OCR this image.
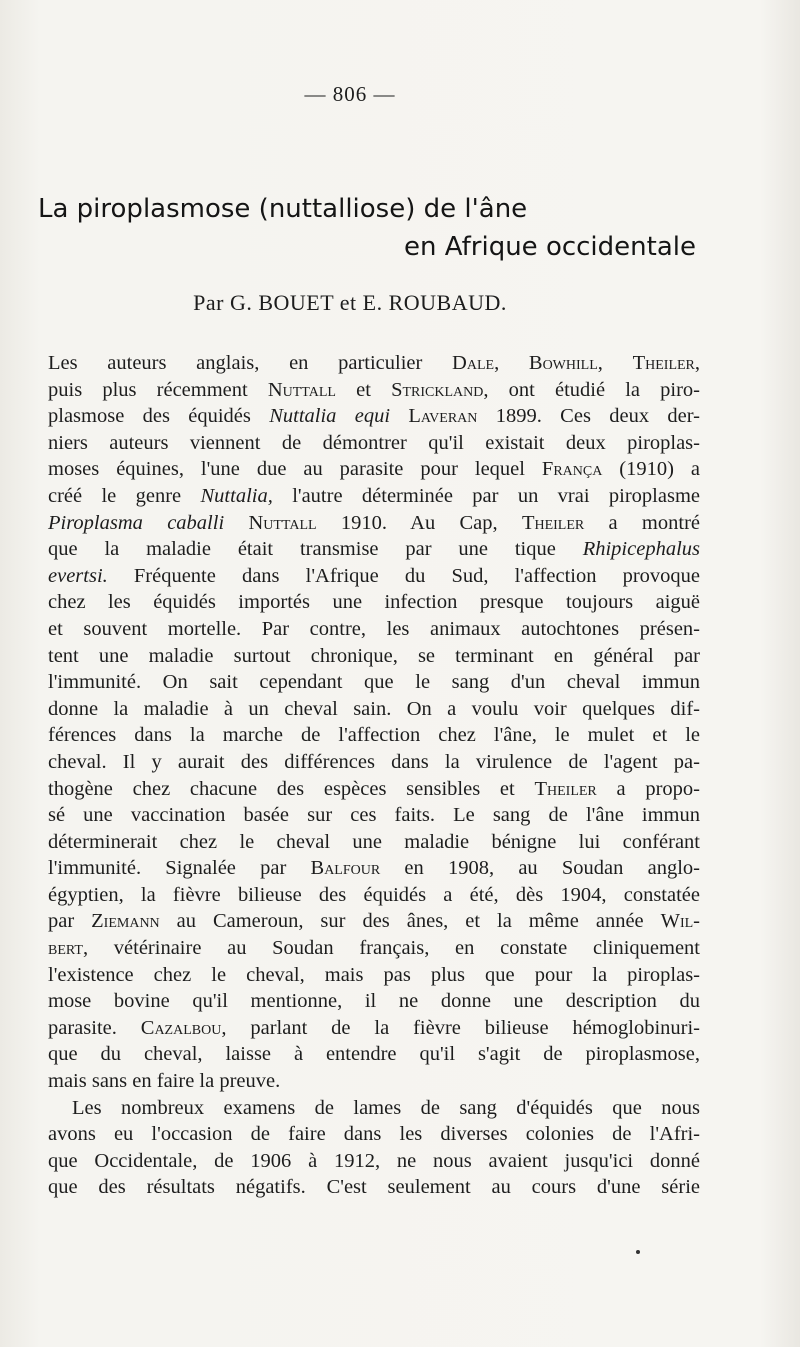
— 806 —
La piroplasmose (nuttalliose) de l'âne
en Afrique occidentale
Par G. BOUET et E. ROUBAUD.
Les auteurs anglais, en particulier Dale, Bowhill, Theiler,
puis plus récemment Nuttall et Strickland, ont étudié la piro-
plasmose des équidés Nuttalia equi Laveran 1899. Ces deux der-
niers auteurs viennent de démontrer qu'il existait deux piroplas-
moses équines, l'une due au parasite pour lequel França (1910) a
créé le genre Nuttalia, l'autre déterminée par un vrai piroplasme
Piroplasma caballi Nuttall 1910. Au Cap, Theiler a montré
que la maladie était transmise par une tique Rhipicephalus
evertsi. Fréquente dans l'Afrique du Sud, l'affection provoque
chez les équidés importés une infection presque toujours aiguë
et souvent mortelle. Par contre, les animaux autochtones présen-
tent une maladie surtout chronique, se terminant en général par
l'immunité. On sait cependant que le sang d'un cheval immun
donne la maladie à un cheval sain. On a voulu voir quelques dif-
férences dans la marche de l'affection chez l'âne, le mulet et le
cheval. Il y aurait des différences dans la virulence de l'agent pa-
thogène chez chacune des espèces sensibles et Theiler a propo-
sé une vaccination basée sur ces faits. Le sang de l'âne immun
déterminerait chez le cheval une maladie bénigne lui conférant
l'immunité. Signalée par Balfour en 1908, au Soudan anglo-
égyptien, la fièvre bilieuse des équidés a été, dès 1904, constatée
par Ziemann au Cameroun, sur des ânes, et la même année Wil-
bert, vétérinaire au Soudan français, en constate cliniquement
l'existence chez le cheval, mais pas plus que pour la piroplas-
mose bovine qu'il mentionne, il ne donne une description du
parasite. Cazalbou, parlant de la fièvre bilieuse hémoglobinuri-
que du cheval, laisse à entendre qu'il s'agit de piroplasmose,
mais sans en faire la preuve.
Les nombreux examens de lames de sang d'équidés que nous
avons eu l'occasion de faire dans les diverses colonies de l'Afri-
que Occidentale, de 1906 à 1912, ne nous avaient jusqu'ici donné
que des résultats négatifs. C'est seulement au cours d'une série
